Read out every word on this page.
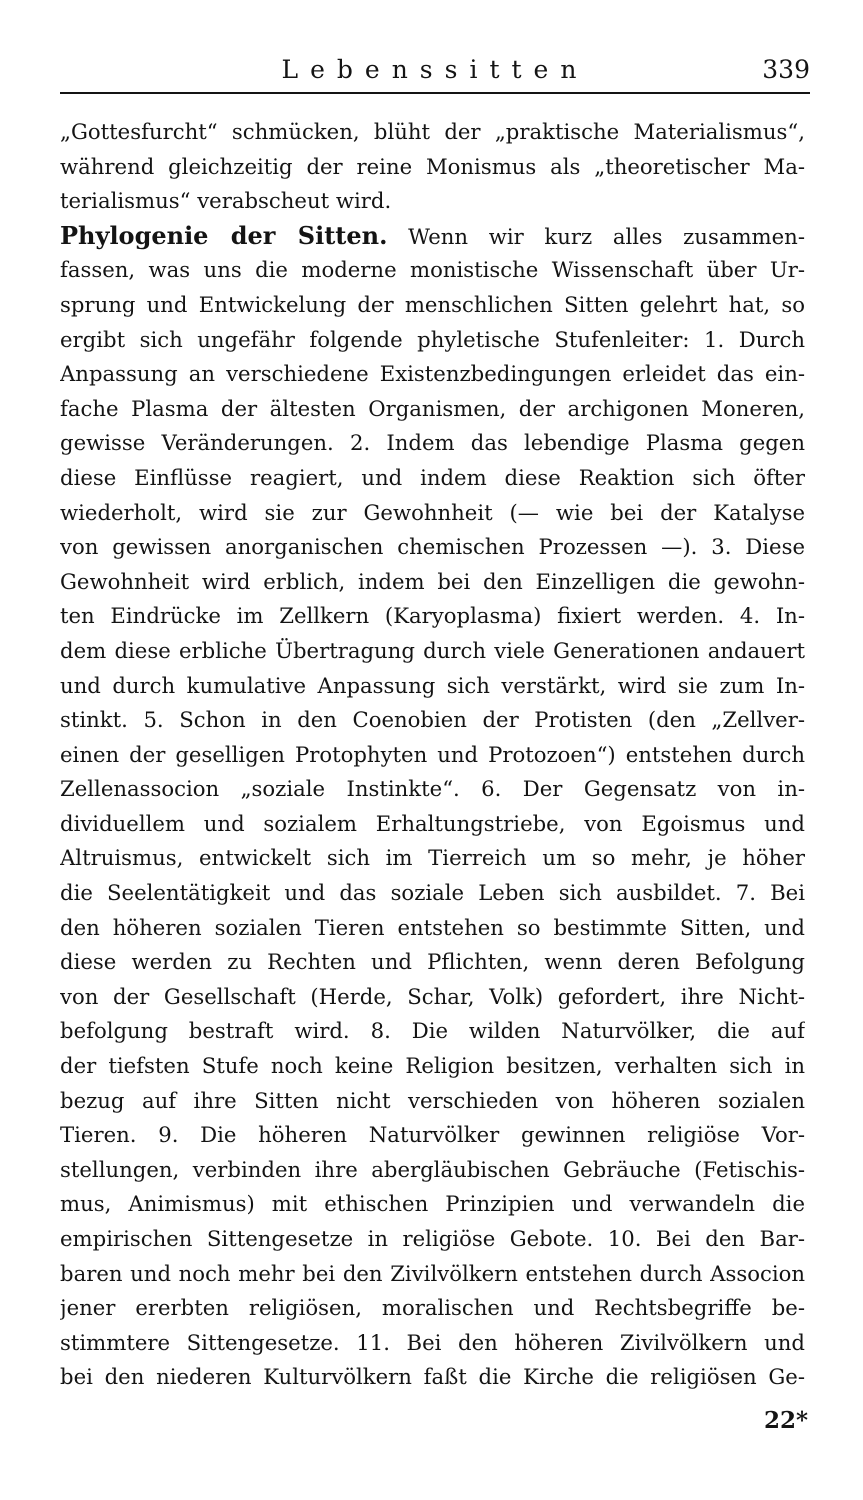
Lebenssitten	339
„Gottesfurcht“ schmücken, blüht der „praktische Materialismus“,
während gleichzeitig der reine Monismus als „theoretischer Ma-
terialismus“ verabscheut wird.
Phylogenie der Sitten. Wenn wir kurz alles zusammen-
fassen, was uns die moderne monistische Wissenschaft über Ur-
sprung und Entwickelung der menschlichen Sitten gelehrt hat, so
ergibt sich ungefähr folgende phyletische Stufenleiter: 1. Durch
Anpassung an verschiedene Existenzbedingungen erleidet das ein-
fache Plasma der ältesten Organismen, der archigonen Moneren,
gewisse Veränderungen. 2. Indem das lebendige Plasma gegen
diese Einflüsse reagiert, und indem diese Reaktion sich öfter
wiederholt, wird sie zur Gewohnheit (— wie bei der Katalyse
von gewissen anorganischen chemischen Prozessen —). 3. Diese
Gewohnheit wird erblich, indem bei den Einzelligen die gewohn-
ten Eindrücke im Zellkern (Karyoplasma) fixiert werden. 4. In-
dem diese erbliche Übertragung durch viele Generationen andauert
und durch kumulative Anpassung sich verstärkt, wird sie zum In-
stinkt. 5. Schon in den Coenobien der Protisten (den „Zellver-
einen der geselligen Protophyten und Protozoen“) entstehen durch
Zellenassocion „soziale Instinkte“. 6. Der Gegensatz von in-
dividuellem und sozialem Erhaltungstriebe, von Egoismus und
Altruismus, entwickelt sich im Tierreich um so mehr, je höher
die Seelentätigkeit und das soziale Leben sich ausbildet. 7. Bei
den höheren sozialen Tieren entstehen so bestimmte Sitten, und
diese werden zu Rechten und Pflichten, wenn deren Befolgung
von der Gesellschaft (Herde, Schar, Volk) gefordert, ihre Nicht-
befolgung bestraft wird. 8. Die wilden Naturvölker, die auf
der tiefsten Stufe noch keine Religion besitzen, verhalten sich in
bezug auf ihre Sitten nicht verschieden von höheren sozialen
Tieren. 9. Die höheren Naturvölker gewinnen religiöse Vor-
stellungen, verbinden ihre abergläubischen Gebräuche (Fetischis-
mus, Animismus) mit ethischen Prinzipien und verwandeln die
empirischen Sittengesetze in religiöse Gebote. 10. Bei den Bar-
baren und noch mehr bei den Zivilvölkern entstehen durch Associon
jener ererbten religiösen, moralischen und Rechtsbegriffe be-
stimmtere Sittengesetze. 11. Bei den höheren Zivilvölkern und
bei den niederen Kulturvölkern faßt die Kirche die religiösen Ge-
22*
